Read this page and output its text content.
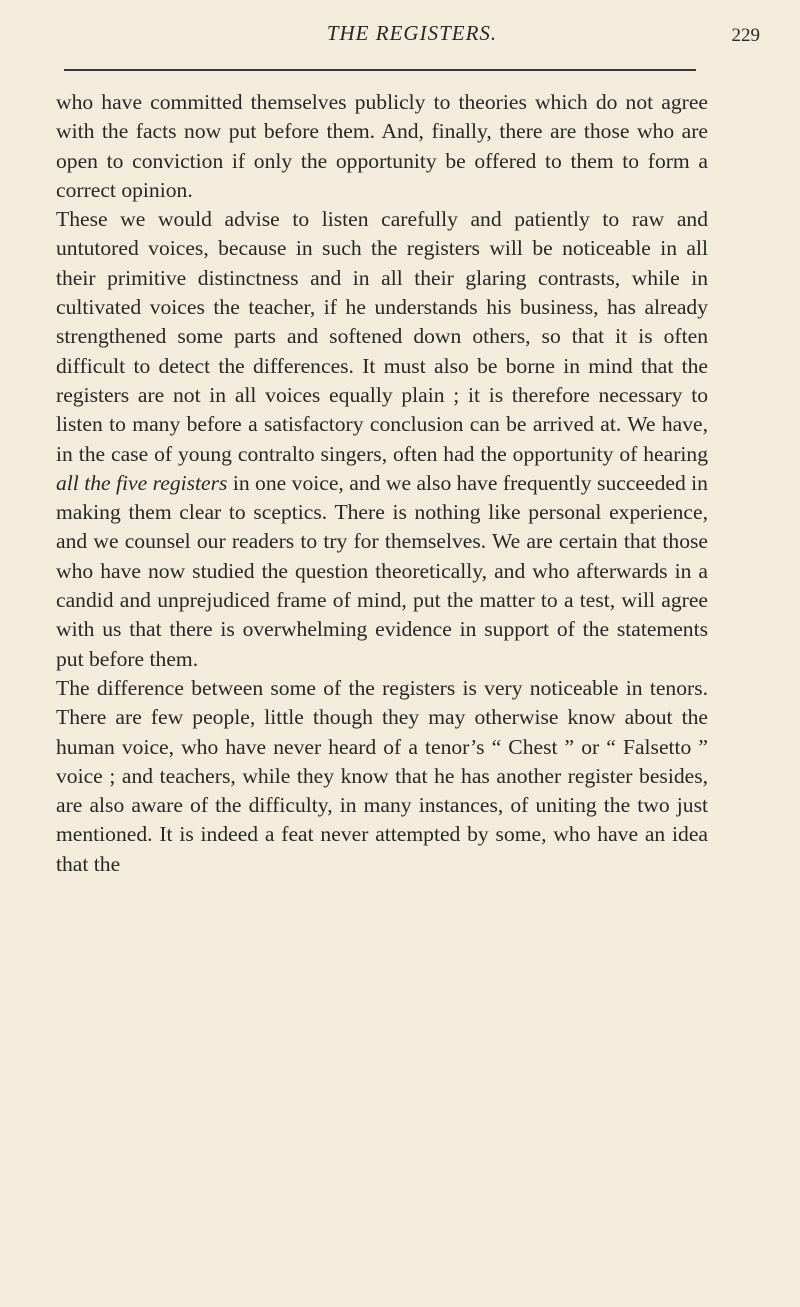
THE REGISTERS.	229

who have committed themselves publicly to theories which do not agree with the facts now put before them. And, finally, there are those who are open to conviction if only the opportunity be offered to them to form a correct opinion.

These we would advise to listen carefully and patiently to raw and untutored voices, because in such the registers will be noticeable in all their primitive distinctness and in all their glaring contrasts, while in cultivated voices the teacher, if he understands his business, has already strengthened some parts and softened down others, so that it is often difficult to detect the differences. It must also be borne in mind that the registers are not in all voices equally plain ; it is therefore necessary to listen to many before a satisfactory conclusion can be arrived at. We have, in the case of young contralto singers, often had the opportunity of hearing all the five registers in one voice, and we also have frequently succeeded in making them clear to sceptics. There is nothing like personal experience, and we counsel our readers to try for themselves. We are certain that those who have now studied the question theoretically, and who afterwards in a candid and unprejudiced frame of mind, put the matter to a test, will agree with us that there is overwhelming evidence in support of the statements put before them.

The difference between some of the registers is very noticeable in tenors. There are few people, little though they may otherwise know about the human voice, who have never heard of a tenor’s “ Chest ” or “ Falsetto ” voice ; and teachers, while they know that he has another register besides, are also aware of the difficulty, in many instances, of uniting the two just mentioned. It is indeed a feat never attempted by some, who have an idea that the
